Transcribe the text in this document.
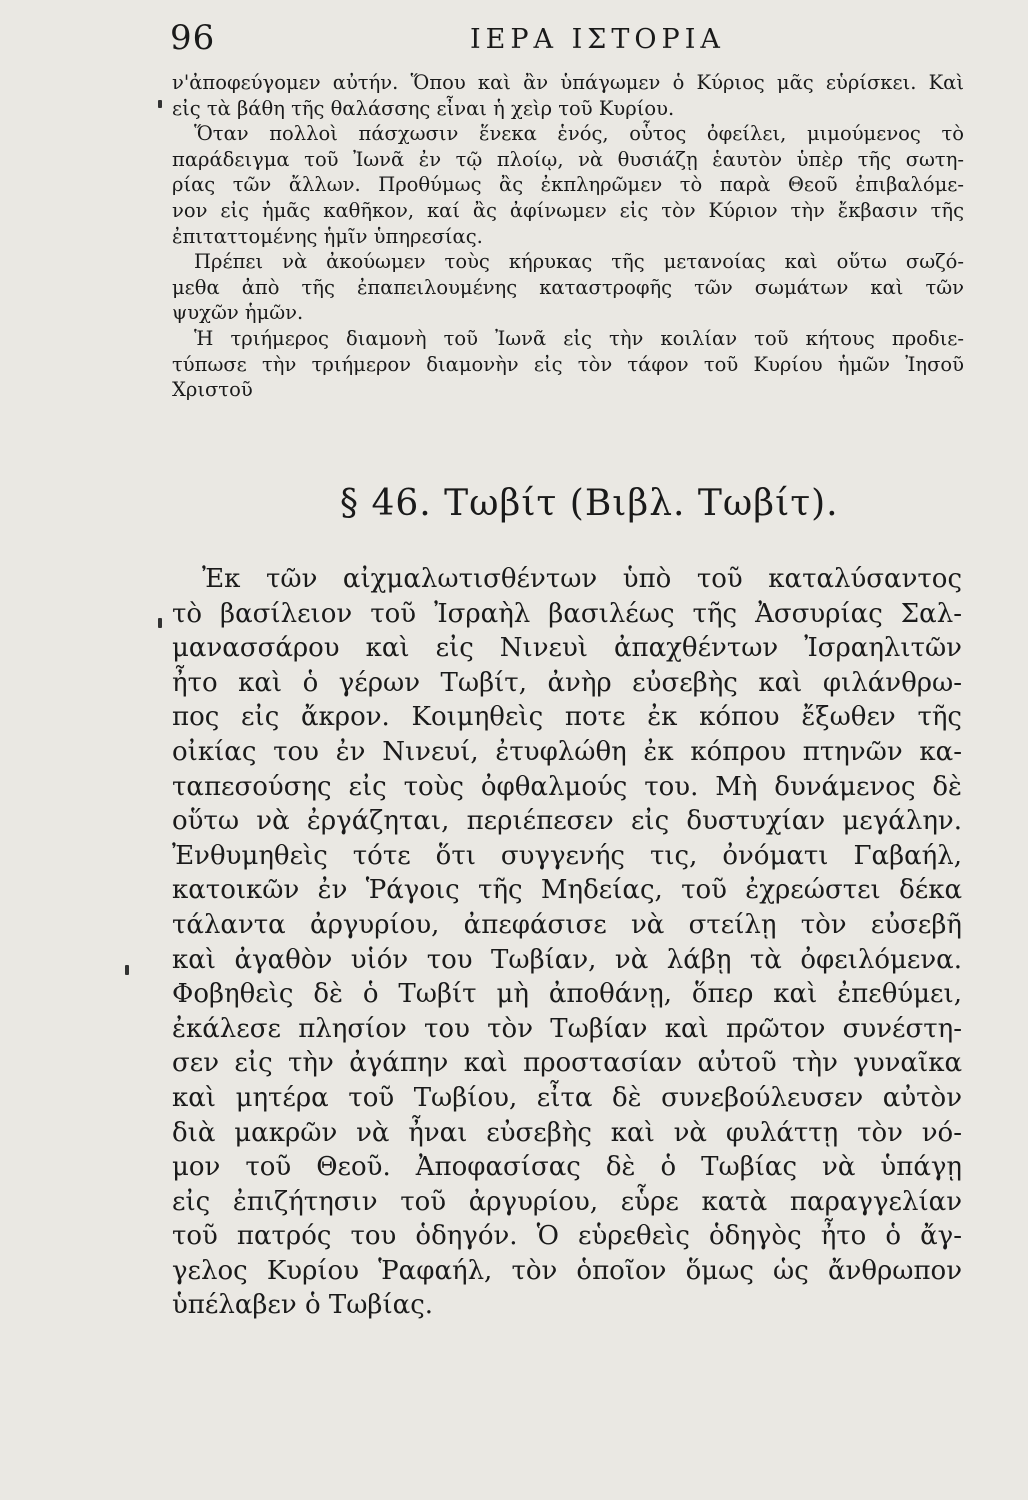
96	ΙΕΡΑ ΙΣΤΟΡΙΑ
ν'ἀποφεύγομεν αὐτήν. Ὅπου καὶ ἂν ὑπάγωμεν ὁ Κύριος μᾶς εὑρίσκει. Καὶ
εἰς τὰ βάθη τῆς θαλάσσης εἶναι ἡ χεὶρ τοῦ Κυρίου.
Ὅταν πολλοὶ πάσχωσιν ἕνεκα ἑνός, οὗτος ὀφείλει, μιμούμενος τὸ
παράδειγμα τοῦ Ἰωνᾶ ἐν τῷ πλοίῳ, νὰ θυσιάζῃ ἑαυτὸν ὑπὲρ τῆς σωτη-
ρίας τῶν ἄλλων. Προθύμως ἂς ἐκπληρῶμεν τὸ παρὰ Θεοῦ ἐπιβαλόμε-
νον εἰς ἡμᾶς καθῆκον, καί ἂς ἀφίνωμεν εἰς τὸν Κύριον τὴν ἔκβασιν τῆς
ἐπιταττομένης ἡμῖν ὑπηρεσίας.
Πρέπει νὰ ἀκούωμεν τοὺς κήρυκας τῆς μετανοίας καὶ οὕτω σωζό-
μεθα ἀπὸ τῆς ἐπαπειλουμένης καταστροφῆς τῶν σωμάτων καὶ τῶν
ψυχῶν ἡμῶν.
Ἡ τριήμερος διαμονὴ τοῦ Ἰωνᾶ εἰς τὴν κοιλίαν τοῦ κήτους προδιε-
τύπωσε τὴν τριήμερον διαμονὴν εἰς τὸν τάφον τοῦ Κυρίου ἡμῶν Ἰησοῦ
Χριστοῦ
§ 46. Τωβίτ (Βιβλ. Τωβίτ).
Ἐκ τῶν αἰχμαλωτισθέντων ὑπὸ τοῦ καταλύσαντος
τὸ βασίλειον τοῦ Ἰσραὴλ βασιλέως τῆς Ἀσσυρίας Σαλ-
μανασσάρου καὶ εἰς Νινευὶ ἀπαχθέντων Ἰσραηλιτῶν
ἦτο καὶ ὁ γέρων Τωβίτ, ἀνὴρ εὐσεβὴς καὶ φιλάνθρω-
πος εἰς ἄκρον. Κοιμηθεὶς ποτε ἐκ κόπου ἔξωθεν τῆς
οἰκίας του ἐν Νινευί, ἐτυφλώθη ἐκ κόπρου πτηνῶν κα-
ταπεσούσης εἰς τοὺς ὀφθαλμούς του. Μὴ δυνάμενος δὲ
οὕτω νὰ ἐργάζηται, περιέπεσεν εἰς δυστυχίαν μεγάλην.
Ἐνθυμηθεὶς τότε ὅτι συγγενής τις, ὀνόματι Γαβαήλ,
κατοικῶν ἐν Ῥάγοις τῆς Μηδείας, τοῦ ἐχρεώστει δέκα
τάλαντα ἀργυρίου, ἀπεφάσισε νὰ στείλῃ τὸν εὐσεβῆ
καὶ ἀγαθὸν υἱόν του Τωβίαν, νὰ λάβῃ τὰ ὀφειλόμενα.
Φοβηθεὶς δὲ ὁ Τωβίτ μὴ ἀποθάνῃ, ὅπερ καὶ ἐπεθύμει,
ἐκάλεσε πλησίον του τὸν Τωβίαν καὶ πρῶτον συνέστη-
σεν εἰς τὴν ἀγάπην καὶ προστασίαν αὐτοῦ τὴν γυναῖκα
καὶ μητέρα τοῦ Τωβίου, εἶτα δὲ συνεβούλευσεν αὐτὸν
διὰ μακρῶν νὰ ἦναι εὐσεβὴς καὶ νὰ φυλάττῃ τὸν νό-
μον τοῦ Θεοῦ. Ἀποφασίσας δὲ ὁ Τωβίας νὰ ὑπάγῃ
εἰς ἐπιζήτησιν τοῦ ἀργυρίου, εὗρε κατὰ παραγγελίαν
τοῦ πατρός του ὁδηγόν. Ὁ εὑρεθεὶς ὁδηγὸς ἦτο ὁ ἄγ-
γελος Κυρίου Ῥαφαήλ, τὸν ὁποῖον ὅμως ὡς ἄνθρωπον
ὑπέλαβεν ὁ Τωβίας.
